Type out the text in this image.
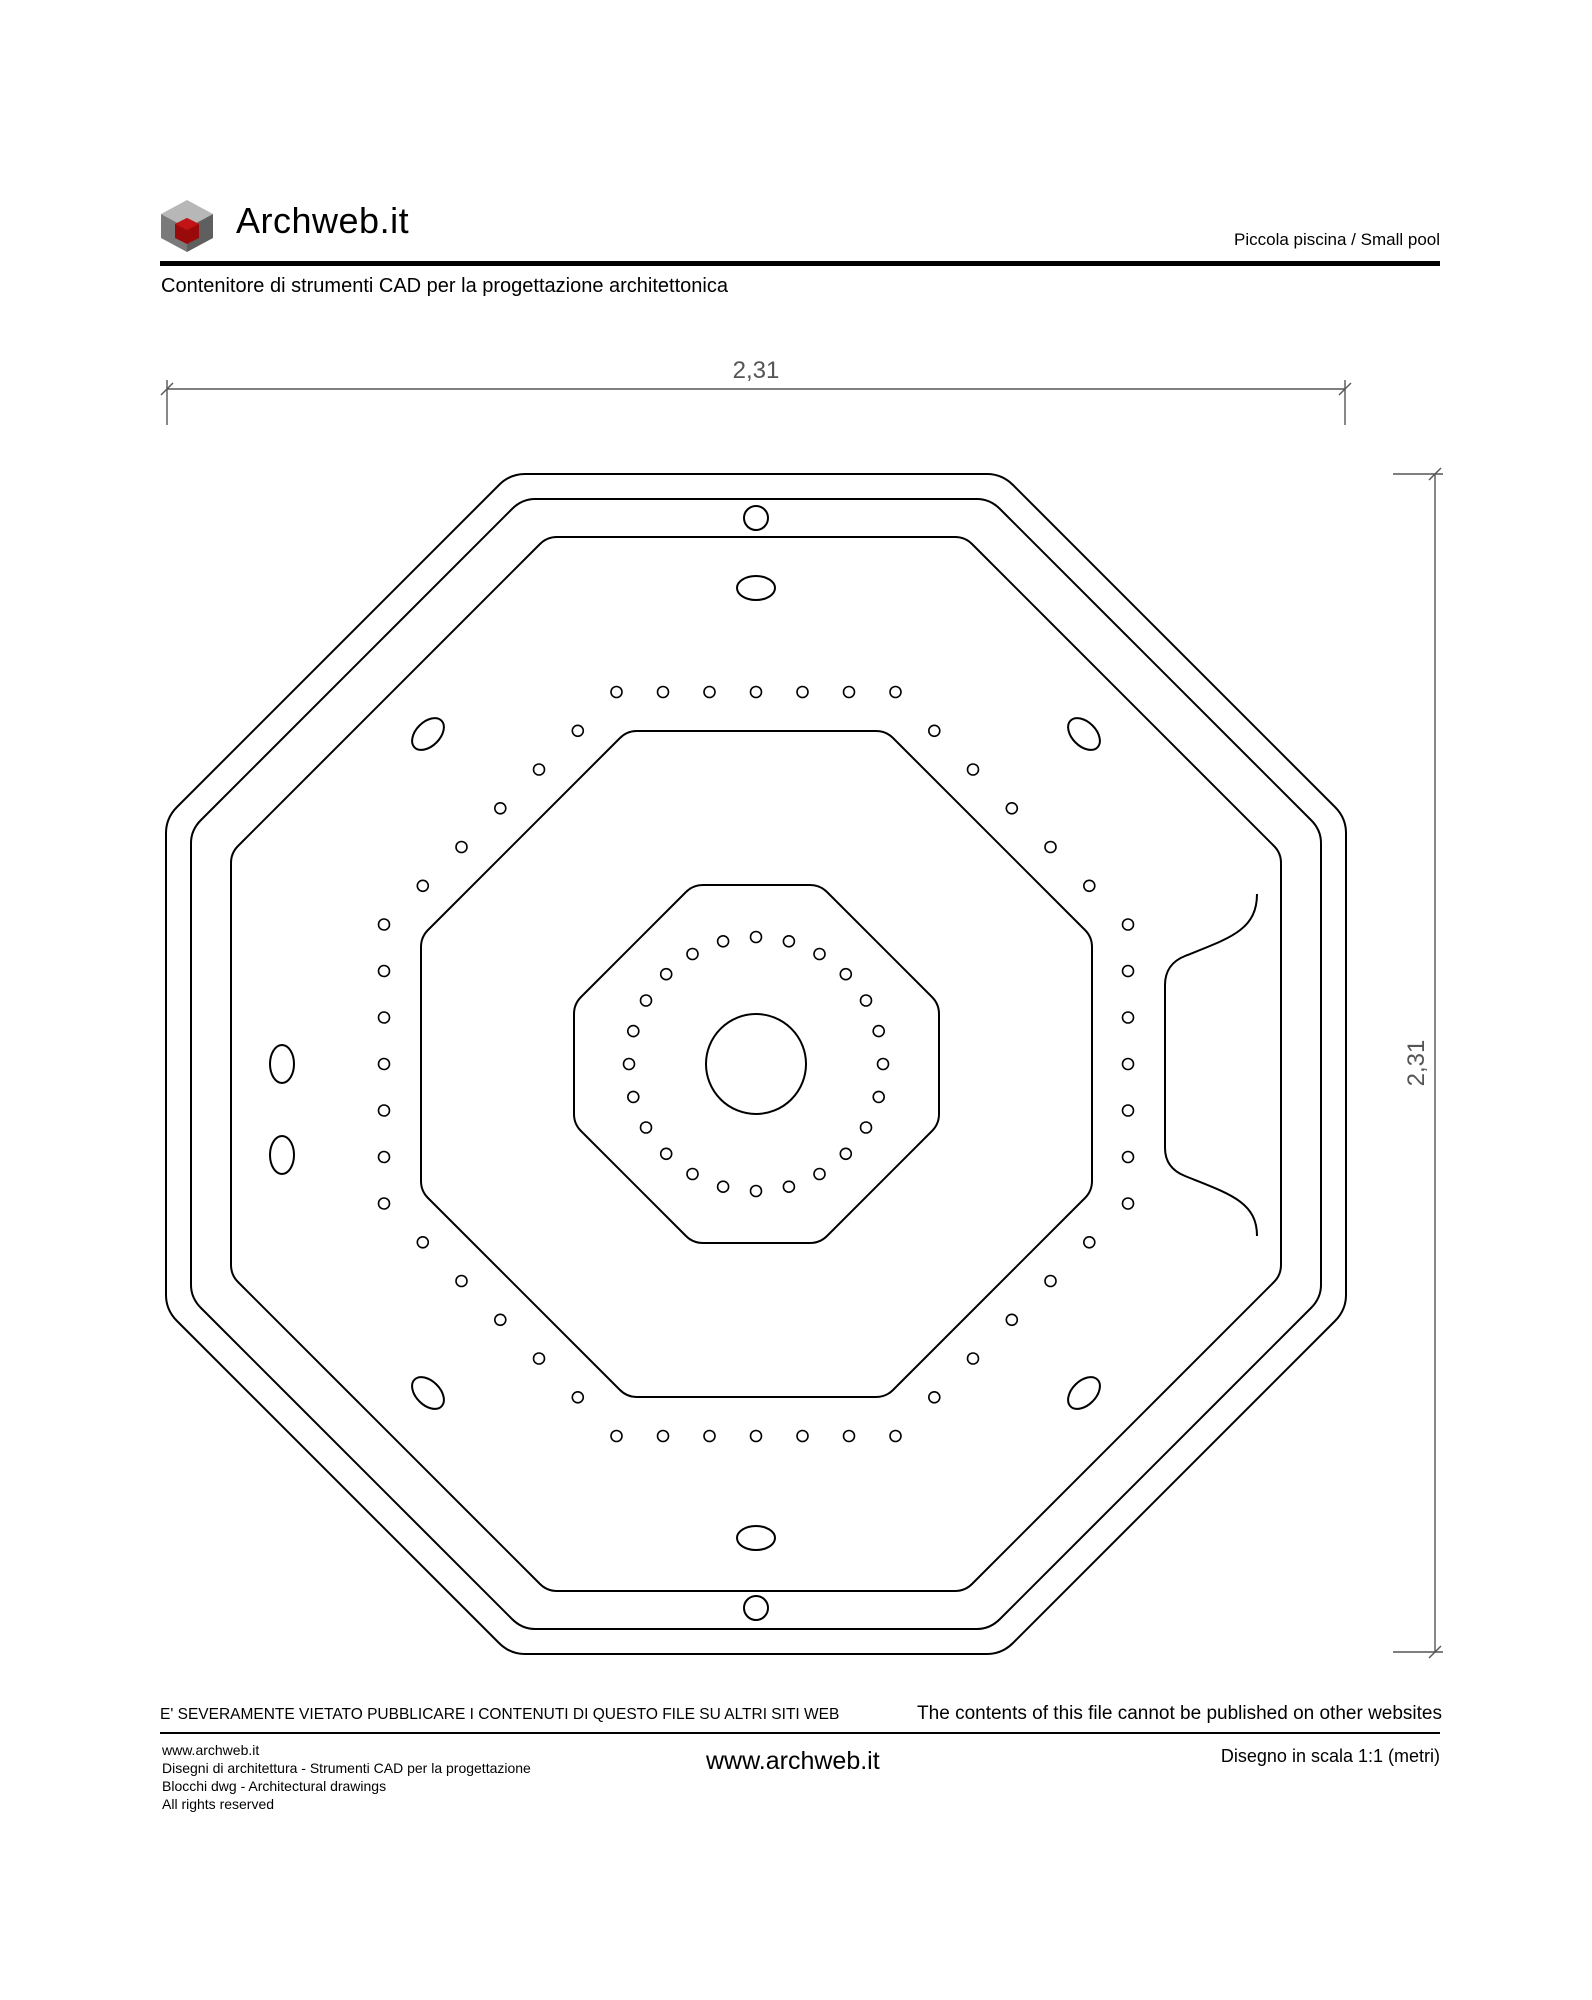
Archweb.it	Piccola piscina / Small pool
Contenitore di strumenti CAD per la progettazione architettonica
2,31
2,31
E' SEVERAMENTE VIETATO PUBBLICARE I CONTENUTI DI QUESTO FILE SU ALTRI SITI WEB	The contents of this file cannot be published on other websites
www.archweb.it
Disegni di architettura - Strumenti CAD per la progettazione
Blocchi dwg - Architectural drawings
All rights reserved
www.archweb.it	Disegno in scala 1:1 (metri)
